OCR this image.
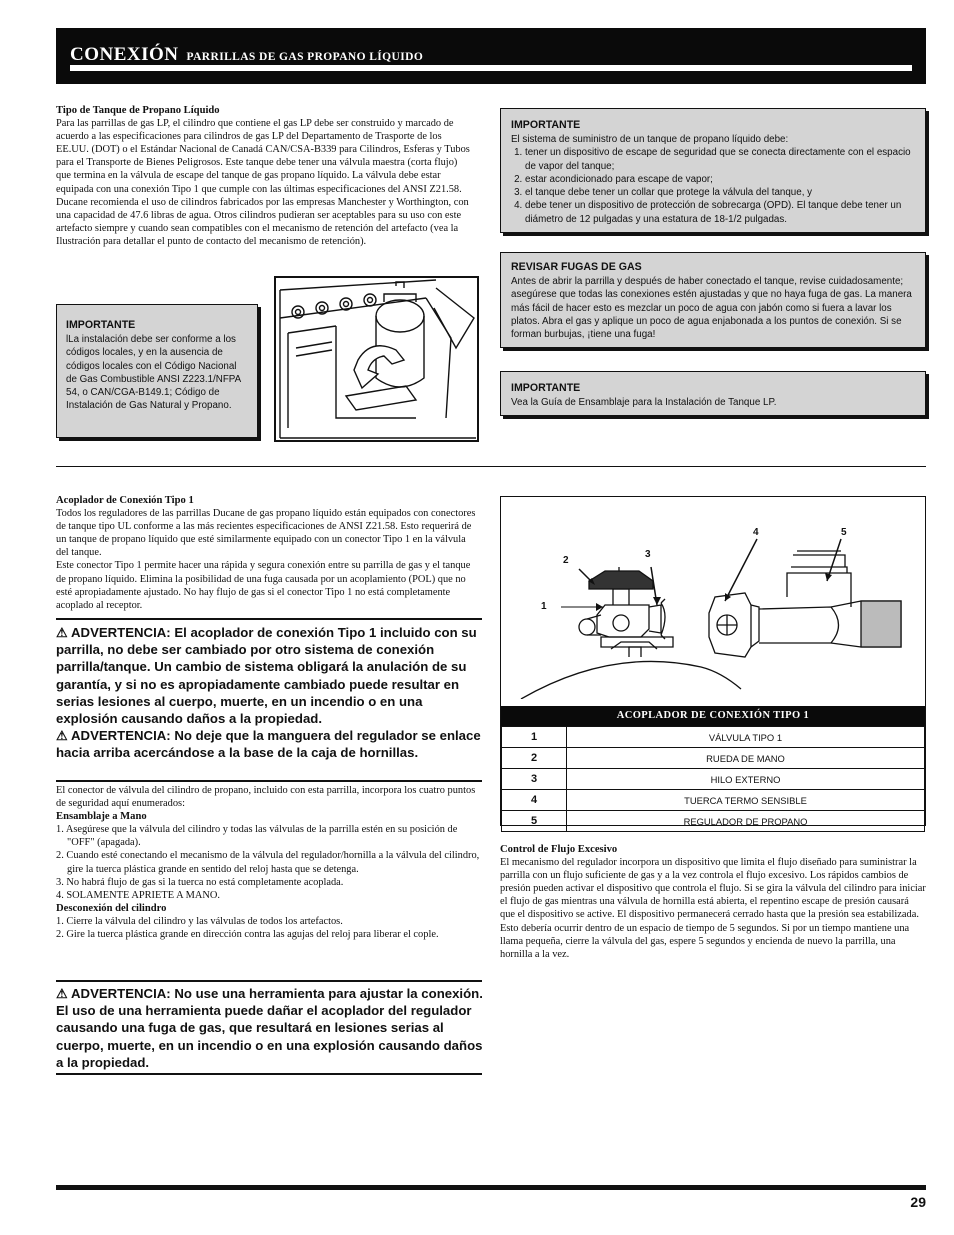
CONEXIÓN PARRILLAS DE GAS PROPANO LÍQUIDO
Tipo de Tanque de Propano Líquido

Para las parrillas de gas LP, el cilindro que contiene el gas LP debe ser construido y marcado de acuerdo a las especificaciones para cilindros de gas LP del Departamento de Trasporte de los EE.UU. (DOT) o el Estándar Nacional de Canadá CAN/CSA-B339 para Cilindros, Esferas y Tubos para el Transporte de Bienes Peligrosos. Este tanque debe tener una válvula maestra (corta flujo) que termina en la válvula de escape del tanque de gas propano líquido. La válvula debe estar equipada con una conexión Tipo 1 que cumple con las últimas especificaciones del ANSI Z21.58.

Ducane recomienda el uso de cilindros fabricados por las empresas Manchester y Worthington, con una capacidad de 47.6 libras de agua. Otros cilindros pudieran ser aceptables para su uso con este artefacto siempre y cuando sean compatibles con el mecanismo de retención del artefacto (vea la Ilustración para detallar el punto de contacto del mecanismo de retención).

IMPORTANTE
lLa instalación debe ser conforme a los códigos locales, y en la ausencia de códigos locales con el Código Nacional de Gas Combustible ANSI Z223.1/NFPA 54, o CAN/CGA-B149.1; Código de Instalación de Gas Natural y Propano.
IMPORTANTE
El sistema de suministro de un tanque de propano líquido debe:
1. tener un dispositivo de escape de seguridad que se conecta directamente con el espacio de vapor del tanque;
2. estar acondicionado para escape de vapor;
3. el tanque debe tener un collar que protege la válvula del tanque, y
4. debe tener un dispositivo de protección de sobrecarga (OPD). El tanque debe tener un diámetro de 12 pulgadas y una estatura de 18-1/2 pulgadas.
REVISAR FUGAS DE GAS
Antes de abrir la parrilla y después de haber conectado el tanque, revise cuidadosamente; asegúrese que todas las conexiones estén ajustadas y que no haya fuga de gas. La manera más fácil de hacer esto es mezclar un poco de agua con jabón como si fuera a lavar los platos. Abra el gas y aplique un poco de agua enjabonada a los puntos de conexión. Si se forman burbujas, ¡tiene una fuga!
IMPORTANTE
Vea la Guía de Ensamblaje para la Instalación de Tanque LP.
Acoplador de Conexión Tipo 1

Todos los reguladores de las parrillas Ducane de gas propano líquido están equipados con conectores de tanque tipo UL conforme a las más recientes especificaciones de ANSI Z21.58. Esto requerirá de un tanque de propano líquido que esté similarmente equipado con un conector Tipo 1 en la válvula del tanque.

Este conector Tipo 1 permite hacer una rápida y segura conexión entre su parrilla de gas y el tanque de propano líquido. Elimina la posibilidad de una fuga causada por un acoplamiento (POL) que no esté apropiadamente ajustado. No hay flujo de gas si el conector Tipo 1 no está completamente acoplado al receptor.

⚠ ADVERTENCIA: El acoplador de conexión Tipo 1 incluido con su parrilla, no debe ser cambiado por otro sistema de conexión parrilla/tanque. Un cambio de sistema obligará la anulación de su garantía, y si no es apropiadamente cambiado puede resultar en serias lesiones al cuerpo, muerte, en un incendio o en una explosión causando daños a la propiedad.
⚠ ADVERTENCIA: No deje que la manguera del regulador se enlace hacia arriba acercándose a la base de la caja de hornillas.

El conector de válvula del cilindro de propano, incluido con esta parrilla, incorpora los cuatro puntos de seguridad aquí enumerados:

Ensamblaje a Mano
1. Asegúrese que la válvula del cilindro y todas las válvulas de la parrilla estén en su posición de "OFF" (apagada).
2. Cuando esté conectando el mecanismo de la válvula del regulador/hornilla a la válvula del cilindro, gire la tuerca plástica grande en sentido del reloj hasta que se detenga.
3. No habrá flujo de gas si la tuerca no está completamente acoplada.
4. SOLAMENTE APRIETE A MANO.
Desconexión del cilindro
1. Cierre la válvula del cilindro y las válvulas de todos los artefactos.
2. Gire la tuerca plástica grande en dirección contra las agujas del reloj para liberar el cople.
⚠ ADVERTENCIA: No use una herramienta para ajustar la conexión. El uso de una herramienta puede dañar el acoplador del regulador causando una fuga de gas, que resultará en lesiones serias al cuerpo, muerte, en un incendio o en una explosión causando daños a la propiedad.
1
2
3
4	5
ACOPLADOR DE CONEXIÓN TIPO 1
1	VÁLVULA TIPO 1
2	RUEDA DE MANO
3	HILO EXTERNO
4	TUERCA TERMO SENSIBLE
5	REGULADOR DE PROPANO
Control de Flujo Excesivo

El mecanismo del regulador incorpora un dispositivo que limita el flujo diseñado para suministrar la parrilla con un flujo suficiente de gas y a la vez controla el flujo excesivo. Los rápidos cambios de presión pueden activar el dispositivo que controla el flujo. Si se gira la válvula del cilindro para iniciar el flujo de gas mientras una válvula de hornilla está abierta, el repentino escape de presión causará que el dispositivo se active. El dispositivo permanecerá cerrado hasta que la presión sea estabilizada.

Esto debería ocurrir dentro de un espacio de tiempo de 5 segundos. Si por un tiempo mantiene una llama pequeña, cierre la válvula del gas, espere 5 segundos y encienda de nuevo la parrilla, una hornilla a la vez.

29
